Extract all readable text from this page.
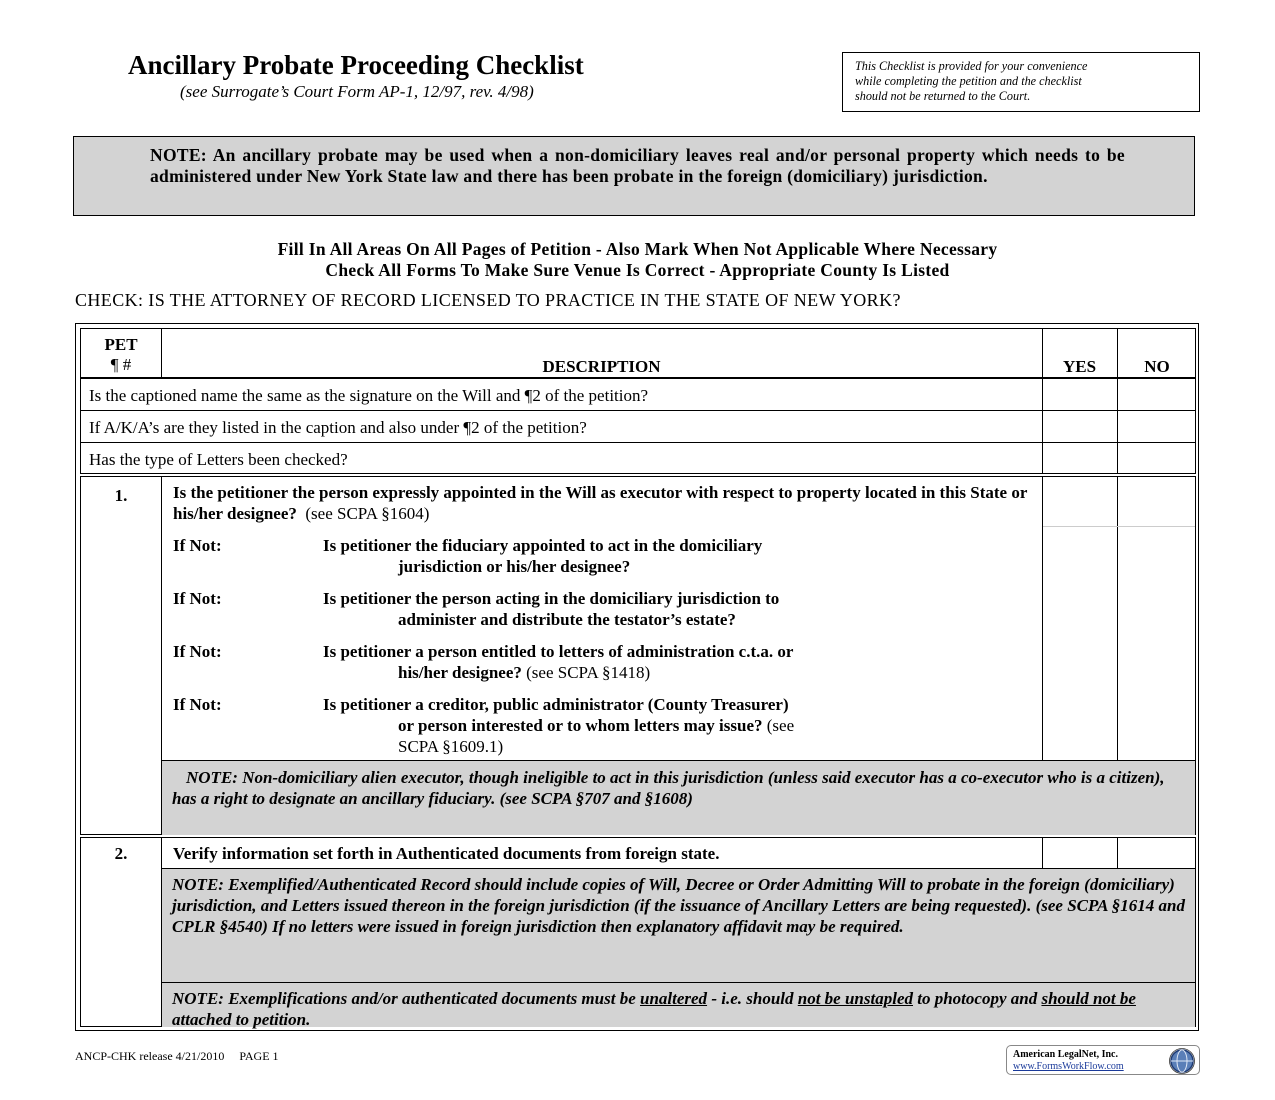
Ancillary Probate Proceeding Checklist
(see Surrogate’s Court Form AP-1, 12/97, rev. 4/98)
This Checklist is provided for your convenience
while completing the petition and the checklist
should not be returned to the Court.
NOTE: An ancillary probate may be used when a non-domiciliary leaves real and/or personal property which needs to be administered under New York State law and there has been probate in the foreign (domiciliary) jurisdiction.
Fill In All Areas On All Pages of Petition - Also Mark When Not Applicable Where Necessary
Check All Forms To Make Sure Venue Is Correct - Appropriate County Is Listed
CHECK: IS THE ATTORNEY OF RECORD LICENSED TO PRACTICE IN THE STATE OF NEW YORK?
PET
¶ #	DESCRIPTION	YES	NO
Is the captioned name the same as the signature on the Will and ¶2 of the petition?
If A/K/A’s are they listed in the caption and also under ¶2 of the petition?
Has the type of Letters been checked?
1.	Is the petitioner the person expressly appointed in the Will as executor with respect to property located in this State or his/her designee? (see SCPA §1604)
If Not:	Is petitioner the fiduciary appointed to act in the domiciliary
jurisdiction or his/her designee?
If Not:	Is petitioner the person acting in the domiciliary jurisdiction to
administer and distribute the testator’s estate?
If Not:	Is petitioner a person entitled to letters of administration c.t.a. or
his/her designee? (see SCPA §1418)
If Not:	Is petitioner a creditor, public administrator (County Treasurer)
or person interested or to whom letters may issue? (see
SCPA §1609.1)
NOTE: Non-domiciliary alien executor, though ineligible to act in this jurisdiction (unless said executor has a co-executor who is a citizen), has a right to designate an ancillary fiduciary. (see SCPA §707 and §1608)
2.	Verify information set forth in Authenticated documents from foreign state.
NOTE: Exemplified/Authenticated Record should include copies of Will, Decree or Order Admitting Will to probate in the foreign (domiciliary) jurisdiction, and Letters issued thereon in the foreign jurisdiction (if the issuance of Ancillary Letters are being requested). (see SCPA §1614 and CPLR §4540) If no letters were issued in foreign jurisdiction then explanatory affidavit may be required.
NOTE: Exemplifications and/or authenticated documents must be unaltered - i.e. should not be unstapled to photocopy and should not be attached to petition.
ANCP-CHK release 4/21/2010     PAGE 1	American LegalNet, Inc.
www.FormsWorkFlow.com
